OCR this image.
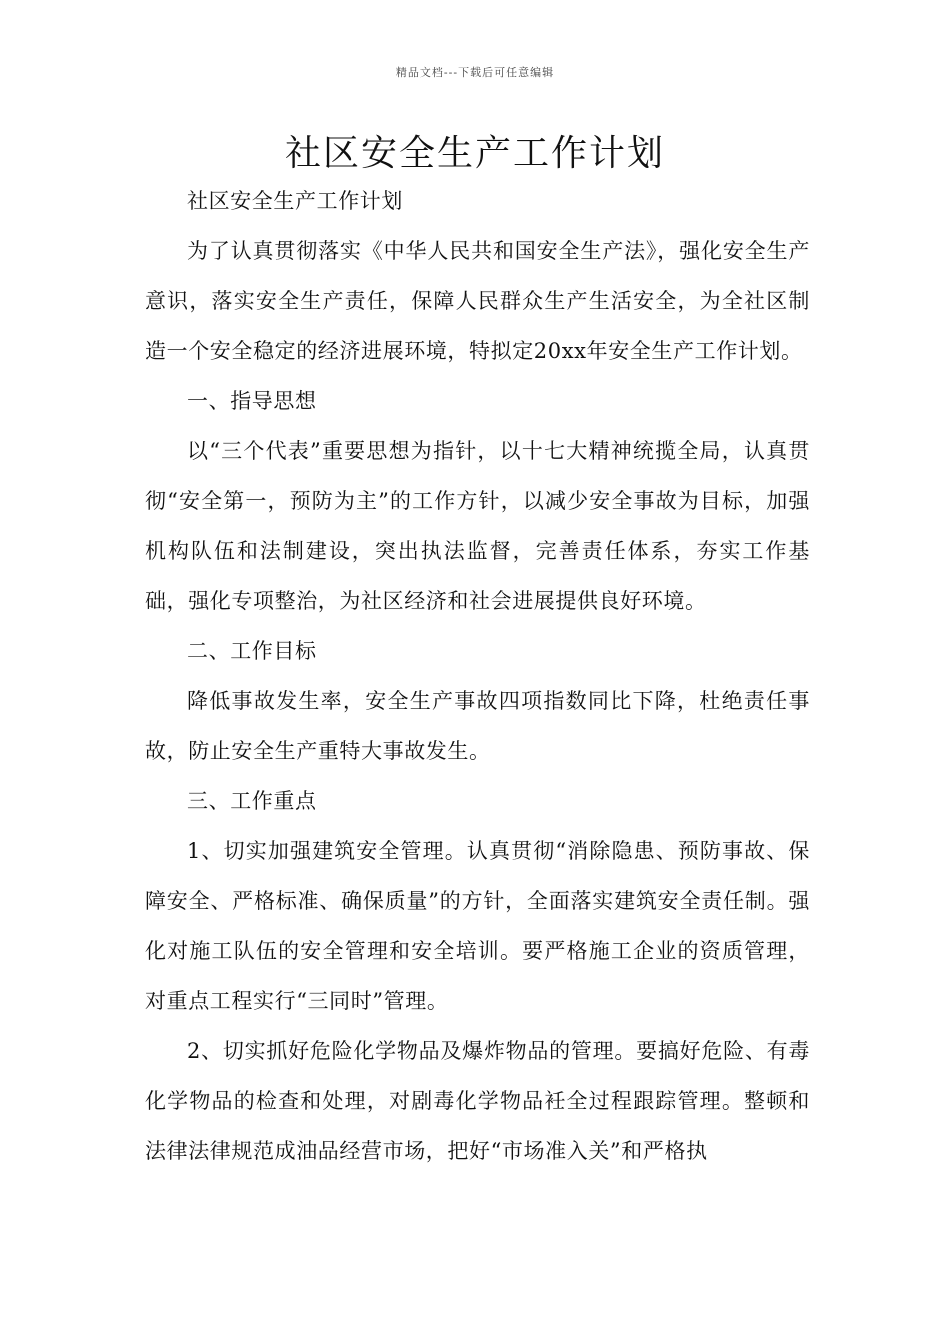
精品文档---下载后可任意编辑
社区安全生产工作计划

社区安全生产工作计划

为了认真贯彻落实《中华人民共和国安全生产法》，强化安全生产意识，落实安全生产责任，保障人民群众生产生活安全，为全社区制造一个安全稳定的经济进展环境，特拟定20xx年安全生产工作计划。

一、指导思想

以“三个代表”重要思想为指针，以十七大精神统揽全局，认真贯彻“安全第一，预防为主”的工作方针，以减少安全事故为目标，加强机构队伍和法制建设，突出执法监督，完善责任体系，夯实工作基础，强化专项整治，为社区经济和社会进展提供良好环境。

二、工作目标

降低事故发生率，安全生产事故四项指数同比下降，杜绝责任事故，防止安全生产重特大事故发生。

三、工作重点

1、切实加强建筑安全管理。认真贯彻“消除隐患、预防事故、保障安全、严格标准、确保质量”的方针，全面落实建筑安全责任制。强化对施工队伍的安全管理和安全培训。要严格施工企业的资质管理，对重点工程实行“三同时”管理。

2、切实抓好危险化学物品及爆炸物品的管理。要搞好危险、有毒化学物品的检查和处理，对剧毒化学物品衽全过程跟踪管理。整顿和法律法律规范成油品经营市场，把好“市场准入关”和严格执
